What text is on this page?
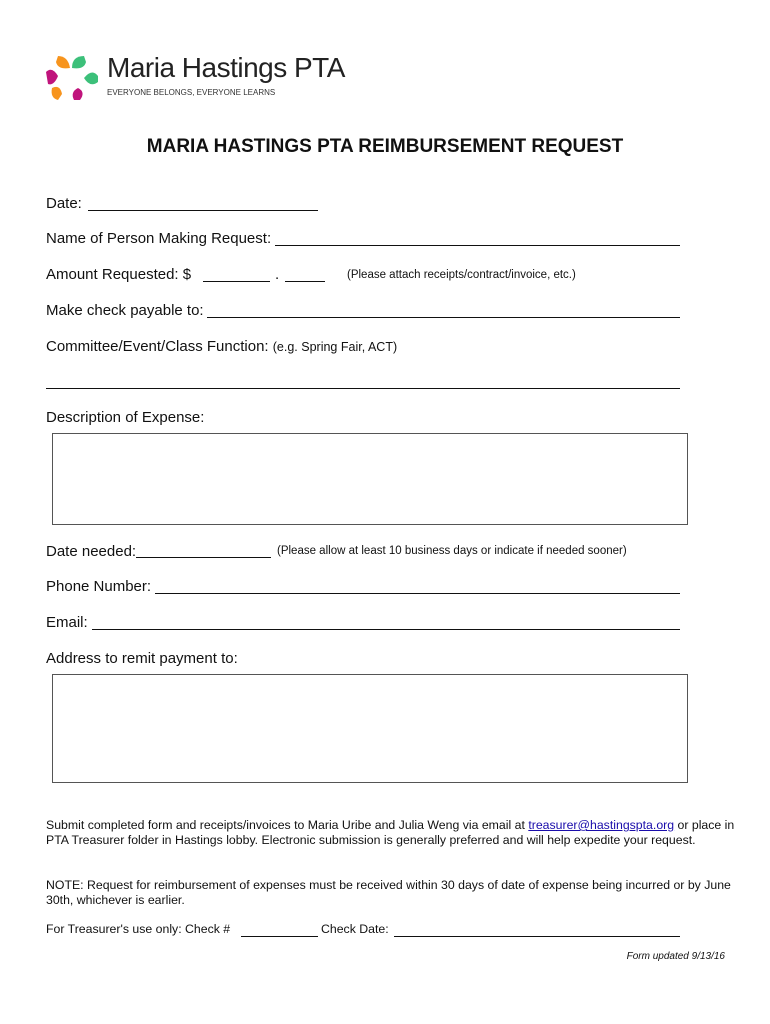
Maria Hastings PTA
EVERYONE BELONGS, EVERYONE LEARNS
MARIA HASTINGS PTA REIMBURSEMENT REQUEST
Date:
Name of Person Making Request:
Amount Requested: $	.	(Please attach receipts/contract/invoice, etc.)
Make check payable to:
Committee/Event/Class Function: (e.g. Spring Fair, ACT)
Description of Expense:
Date needed:	(Please allow at least 10 business days or indicate if needed sooner)
Phone Number:
Email:
Address to remit payment to:
Submit completed form and receipts/invoices to Maria Uribe and Julia Weng via email at treasurer@hastingspta.org or place in PTA Treasurer folder in Hastings lobby. Electronic submission is generally preferred and will help expedite your request.
NOTE: Request for reimbursement of expenses must be received within 30 days of date of expense being incurred or by June 30th, whichever is earlier.
For Treasurer's use only: Check #	Check Date:
Form updated 9/13/16
